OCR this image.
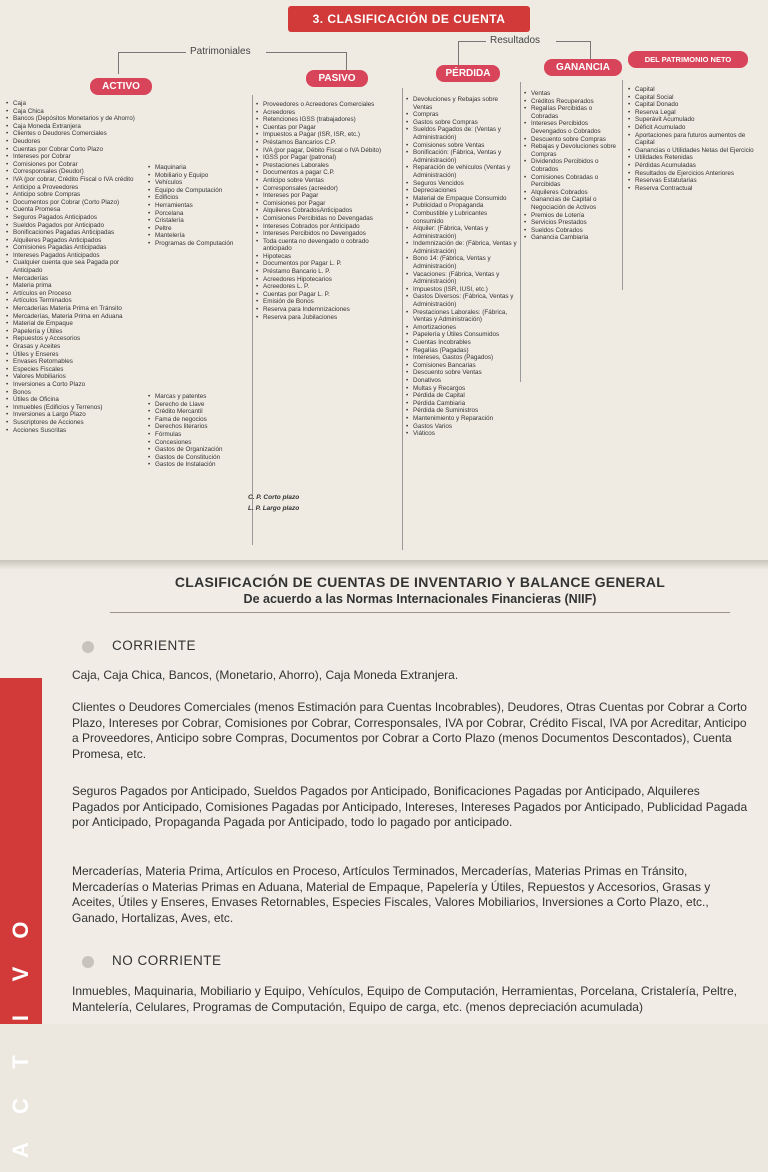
3. CLASIFICACIÓN DE CUENTA
Patrimoniales
Resultados
ACTIVO
PASIVO	PÉRDIDA
GANANCIA
DEL PATRIMONIO NETO
• Caja
• Caja Chica
• Bancos (Depósitos Monetarios y de Ahorro)
• Caja Moneda Extranjera
• Clientes o Deudores Comerciales
• Deudores
• Cuentas por Cobrar Corto Plazo
• Intereses por Cobrar
• Comisiones por Cobrar
• Corresponsales (Deudor)
• IVA (por cobrar, Crédito Fiscal o IVA crédito
• Anticipo a Proveedores
• Anticipo sobre Compras
• Documentos por Cobrar (Corto Plazo)
• Cuenta Promesa
• Seguros Pagados Anticipados
• Sueldos Pagados por Anticipado
• Bonificaciones Pagadas Anticipadas
• Alquileres Pagados Anticipados
• Comisiones Pagadas Anticipadas
• Intereses Pagados Anticipados
• Cualquier cuenta que sea Pagada por Anticipado
• Mercaderías
• Materia prima
• Artículos en Proceso
• Artículos Terminados
• Mercaderías Materia Prima en Tránsito
• Mercaderías, Materia Prima en Aduana
• Material de Empaque
• Papelería y Útiles
• Repuestos y Accesorios
• Grasas y Aceites
• Útiles y Enseres
• Envases Retornables
• Especies Fiscales
• Valores Mobiliarios
• Inversiones a Corto Plazo
• Bonos
• Útiles de Oficina
• Inmuebles (Edificios y Terrenos)
• Inversiones a Largo Plazo
• Suscriptores de Acciones
• Acciones Suscritas
• Maquinaria
• Mobiliario y Equipo
• Vehículos
• Equipo de Computación
• Edificios
• Herramientas
• Porcelana
• Cristalería
• Peltre
• Mantelería
• Programas de Computación
• Marcas y patentes
• Derecho de Llave
• Crédito Mercantil
• Fama de negocios
• Derechos literarios
• Fórmulas
• Concesiones
• Gastos de Organización
• Gastos de Constitución
• Gastos de Instalación
• Proveedores o Acreedores Comerciales
• Acreedores
• Retenciones IGSS (trabajadores)
• Cuentas por Pagar
• Impuestos a Pagar (ISR, ISR, etc.)
• Préstamos Bancarios C.P.
• IVA (por pagar, Débito Fiscal o IVA Débito)
• IGSS por Pagar (patronal)
• Prestaciones Laborales
• Documentos a pagar C.P.
• Anticipo sobre Ventas
• Corresponsales (acreedor)
• Intereses por Pagar
• Comisiones por Pagar
• Alquileres CobradosAnticipados
• Comisiones Percibidas no Devengadas
• Intereses Cobrados por Anticipado
• Intereses Percibidos no Devengados
• Toda cuenta no devengado o cobrado anticipado
• Hipotecas
• Documentos por Pagar L. P.
• Préstamo Bancario L. P.
• Acreedores Hipotecarios
• Acreedores L. P.
• Cuentas por Pagar L. P.
• Emisión de Bonos
• Reserva para Indemnizaciones
• Reserva para Jubilaciones
• Devoluciones y Rebajas sobre Ventas
• Compras
• Gastos sobre Compras
• Sueldos Pagados de: (Ventas y Administración)
• Comisiones sobre Ventas
• Bonificación: (Fábrica, Ventas y Administración)
• Reparación de vehículos (Ventas y Administración)
• Seguros Vencidos
• Depreciaciones
• Material de Empaque Consumido
• Publicidad o Propaganda
• Combustible y Lubricantes consumido
• Alquiler: (Fábrica, Ventas y Administración)
• Indemnización de: (Fábrica, Ventas y Administración)
• Bono 14: (Fábrica, Ventas y Administración)
• Vacaciones: (Fábrica, Ventas y Administración)
• Impuestos (ISR, IUSI, etc.)
• Gastos Diversos: (Fábrica, Ventas y Administración)
• Prestaciones Laborales: (Fábrica, Ventas y Administración)
• Amortizaciones
• Papelería y Útiles Consumidos
• Cuentas Incobrables
• Regalías (Pagadas)
• Intereses, Gastos (Pagados)
• Comisiones Bancarias
• Descuento sobre Ventas
• Donativos
• Multas y Recargos
• Pérdida de Capital
• Pérdida Cambiaria
• Pérdida de Suministros
• Mantenimiento y Reparación
• Gastos Varios
• Viáticos
• Ventas
• Créditos Recuperados
• Regalías Percibidas o Cobradas
• Intereses Percibidos Devengados o Cobrados
• Descuento sobre Compras
• Rebajas y Devoluciones sobre Compras
• Dividendos Percibidos o Cobrados
• Comisiones Cobradas o Percibidas
• Alquileres Cobrados
• Ganancias de Capital o Negociación de Activos
• Premios de Lotería
• Servicios Prestados
• Sueldos Cobrados
• Ganancia Cambiaria
• Capital
• Capital Social
• Capital Donado
• Reserva Legal
• Superávit Acumulado
• Déficit Acumulado
• Aportaciones para futuros aumentos de Capital
• Ganancias o Utilidades Netas del Ejercicio
• Utilidades Retenidas
• Pérdidas Acumuladas
• Resultados de Ejercicios Anteriores
• Reservas Estatutarias
• Reserva Contractual
C. P. Corto plazo
L. P. Largo plazo
CLASIFICACIÓN DE CUENTAS DE INVENTARIO Y BALANCE GENERAL
De acuerdo a las Normas Internacionales Financieras (NIIF)
O
V
I
T
C
A
CORRIENTE
Caja, Caja Chica, Bancos, (Monetario, Ahorro), Caja Moneda Extranjera.
Clientes o Deudores Comerciales (menos Estimación para Cuentas Incobrables), Deudores, Otras Cuentas por Cobrar a Corto Plazo, Intereses por Cobrar, Comisiones por Cobrar, Corresponsales, IVA por Cobrar, Crédito Fiscal, IVA por Acreditar, Anticipo a Proveedores, Anticipo sobre Compras, Documentos por Cobrar a Corto Plazo (menos Documentos Descontados), Cuenta Promesa, etc.
Seguros Pagados por Anticipado, Sueldos Pagados por Anticipado, Bonificaciones Pagadas por Anticipado, Alquileres Pagados por Anticipado, Comisiones Pagadas por Anticipado, Intereses, Intereses Pagados por Anticipado, Publicidad Pagada por Anticipado, Propaganda Pagada por Anticipado, todo lo pagado por anticipado.
Mercaderías, Materia Prima, Artículos en Proceso, Artículos Terminados, Mercaderías, Materias Primas en Tránsito, Mercaderías o Materias Primas en Aduana, Material de Empaque, Papelería y Útiles, Repuestos y Accesorios, Grasas y Aceites, Útiles y Enseres, Envases Retornables, Especies Fiscales, Valores Mobiliarios, Inversiones a Corto Plazo, etc., Ganado, Hortalizas, Aves, etc.
NO CORRIENTE
Inmuebles, Maquinaria, Mobiliario y Equipo, Vehículos, Equipo de Computación, Herramientas, Porcelana, Cristalería, Peltre, Mantelería, Celulares, Programas de Computación, Equipo de carga, etc. (menos depreciación acumulada)
